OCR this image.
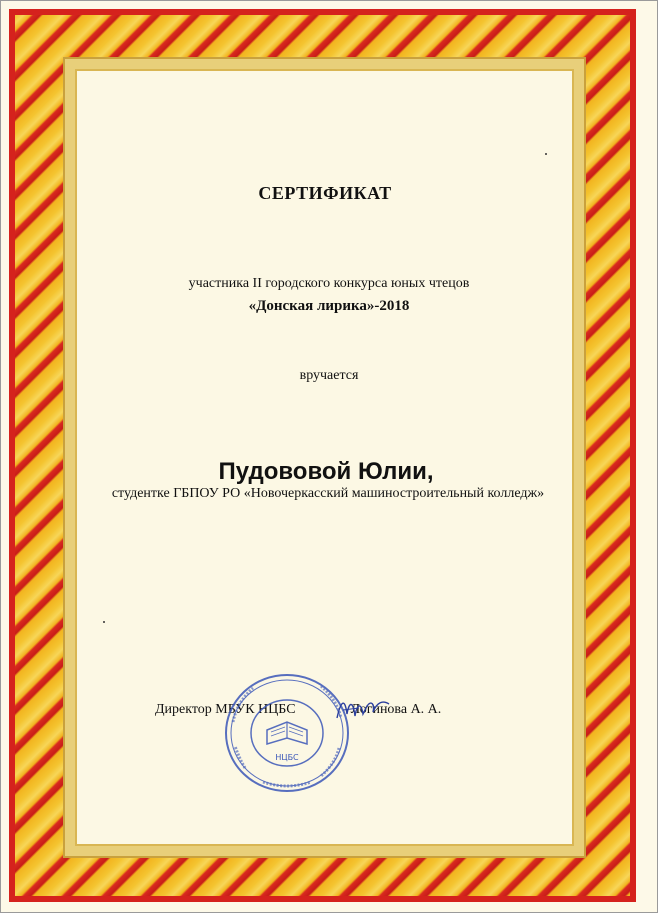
СЕРТИФИКАТ
участника II городского конкурса юных чтецов
«Донская лирика»-2018
вручается
Пудововой Юлии,
студентке ГБПОУ РО «Новочеркасский машиностроительный колледж»
Директор МБУК НЦБС	Логинова А. А.
НЦБС
